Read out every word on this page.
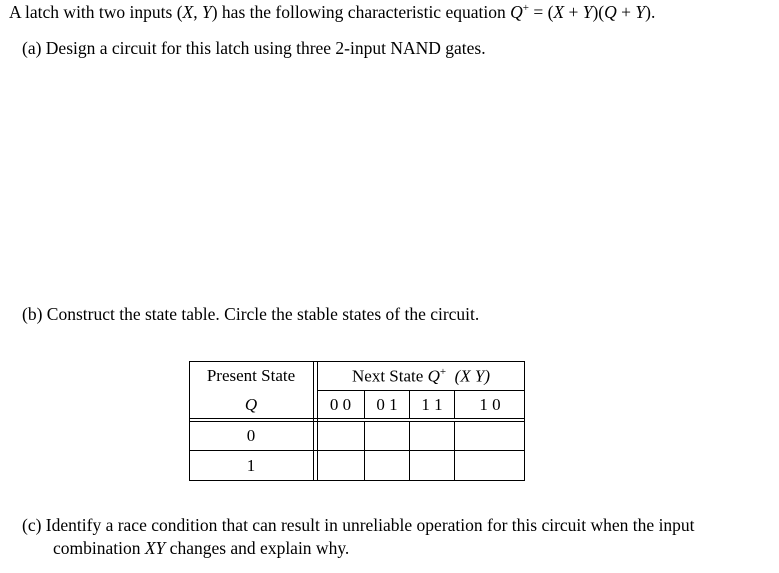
A latch with two inputs (X, Y) has the following characteristic equation Q+ = (X + Y)(Q + Y).
(a) Design a circuit for this latch using three 2-input NAND gates.
(b) Construct the state table. Circle the stable states of the circuit.
Present State	Next State Q+ (X Y)
Q	0 0	0 1	1 1	1 0
0
1
(c) Identify a race condition that can result in unreliable operation for this circuit when the input
combination XY changes and explain why.
